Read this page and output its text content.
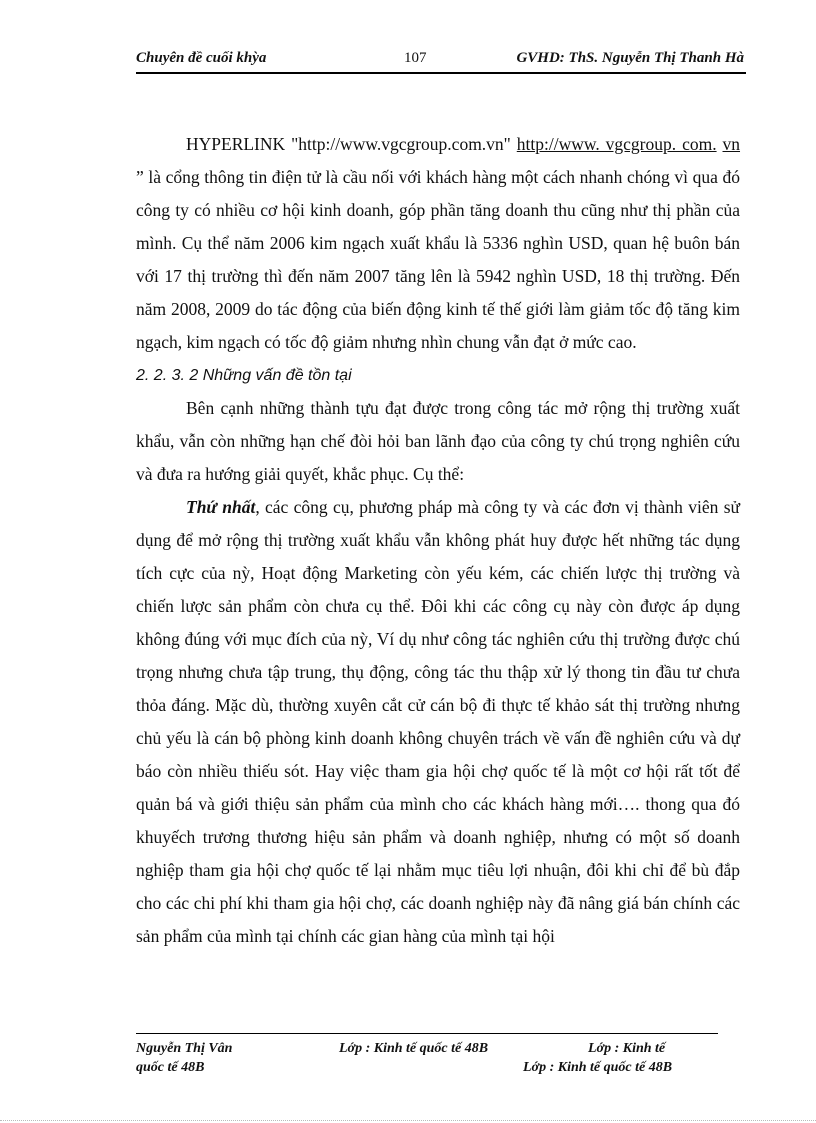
Chuyên đề cuối khỳa	107	GVHD: ThS. Nguyễn Thị Thanh Hà

HYPERLINK "http://www.vgcgroup.com.vn" http://www. vgcgroup. com. vn ” là cổng thông tin điện tử là cầu nối với khách hàng một cách nhanh chóng vì qua đó công ty có nhiều cơ hội kinh doanh, góp phần tăng doanh thu cũng như thị phần của mình. Cụ thể năm 2006 kim ngạch xuất khẩu là 5336 nghìn USD, quan hệ buôn bán với 17 thị trường thì đến năm 2007 tăng lên là 5942 nghìn USD, 18 thị trường. Đến năm 2008, 2009 do tác động của biến động kinh tế thế giới làm giảm tốc độ tăng kim ngạch, kim ngạch có tốc độ giảm nhưng nhìn chung vẫn đạt ở mức cao.

2. 2. 3. 2 Những vấn đề tồn tại

Bên cạnh những thành tựu đạt được trong công tác mở rộng thị trường xuất khẩu, vẫn còn những hạn chế đòi hỏi ban lãnh đạo của công ty chú trọng nghiên cứu và đưa ra hướng giải quyết, khắc phục. Cụ thể:

Thứ nhất, các công cụ, phương pháp mà công ty và các đơn vị thành viên sử dụng để mở rộng thị trường xuất khẩu vẫn không phát huy được hết những tác dụng tích cực của nỳ, Hoạt động Marketing còn yếu kém, các chiến lược thị trường và chiến lược sản phẩm còn chưa cụ thể. Đôi khi các công cụ này còn được áp dụng không đúng với mục đích của nỳ, Ví dụ như công tác nghiên cứu thị trường được chú trọng nhưng chưa tập trung, thụ động, công tác thu thập xử lý thong tin đầu tư chưa thỏa đáng. Mặc dù, thường xuyên cắt cử cán bộ đi thực tế khảo sát thị trường nhưng chủ yếu là cán bộ phòng kinh doanh không chuyên trách về vấn đề nghiên cứu và dự báo còn nhiều thiếu sót. Hay việc tham gia hội chợ quốc tế là một cơ hội rất tốt để quản bá và giới thiệu sản phẩm của mình cho các khách hàng mới…. thong qua đó khuyếch trương thương hiệu sản phẩm và doanh nghiệp, nhưng có một số doanh nghiệp tham gia hội chợ quốc tế lại nhằm mục tiêu lợi nhuận, đôi khi chỉ để bù đắp cho các chi phí khi tham gia hội chợ, các doanh nghiệp này đã nâng giá bán chính các sản phẩm của mình tại chính các gian hàng của mình tại hội

Nguyễn Thị Vân	Lớp : Kinh tế quốc tế 48B	Lớp : Kinh tế
quốc tế 48B	Lớp : Kinh tế quốc tế 48B
